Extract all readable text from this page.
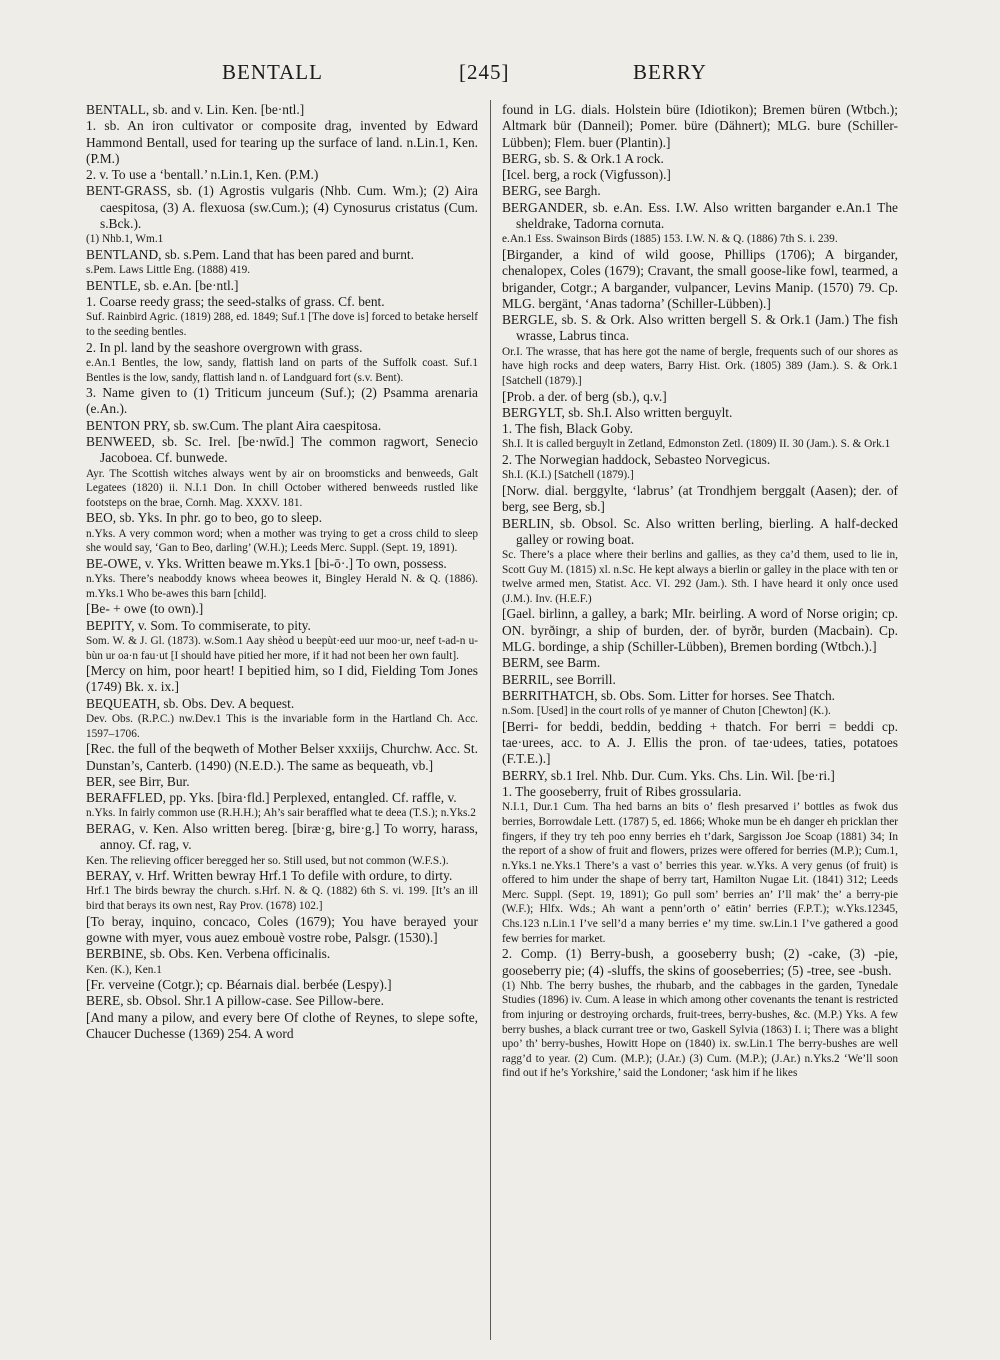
BENTALL	[245]	BERRY

BENTALL, sb. and v. Lin. Ken. [be·ntl.]

1. sb. An iron cultivator or composite drag, invented by Edward Hammond Bentall, used for tearing up the surface of land. n.Lin.1, Ken. (P.M.)

2. v. To use a ‘bentall.’ n.Lin.1, Ken. (P.M.)

BENT-GRASS, sb. (1) Agrostis vulgaris (Nhb. Cum. Wm.); (2) Aira caespitosa, (3) A. flexuosa (sw.Cum.); (4) Cynosurus cristatus (Cum. s.Bck.).

(1) Nhb.1, Wm.1

BENTLAND, sb. s.Pem. Land that has been pared and burnt.

s.Pem. Laws Little Eng. (1888) 419.

BENTLE, sb. e.An. [be·ntl.]

1. Coarse reedy grass; the seed-stalks of grass. Cf. bent.

Suf. Rainbird Agric. (1819) 288, ed. 1849; Suf.1 [The dove is] forced to betake herself to the seeding bentles.

2. In pl. land by the seashore overgrown with grass.

e.An.1 Bentles, the low, sandy, flattish land on parts of the Suffolk coast. Suf.1 Bentles is the low, sandy, flattish land n. of Landguard fort (s.v. Bent).

3. Name given to (1) Triticum junceum (Suf.); (2) Psamma arenaria (e.An.).

BENTON PRY, sb. sw.Cum. The plant Aira caespitosa.

BENWEED, sb. Sc. Irel. [be·nwīd.] The common ragwort, Senecio Jacoboea. Cf. bunwede.

Ayr. The Scottish witches always went by air on broomsticks and benweeds, Galt Legatees (1820) ii. N.I.1 Don. In chill October withered benweeds rustled like footsteps on the brae, Cornh. Mag. XXXV. 181.

BEO, sb. Yks. In phr. go to beo, go to sleep.

n.Yks. A very common word; when a mother was trying to get a cross child to sleep she would say, ‘Gan to Beo, darling’ (W.H.); Leeds Merc. Suppl. (Sept. 19, 1891).

BE-OWE, v. Yks. Written beawe m.Yks.1 [bi-ō·.] To own, possess.

n.Yks. There’s neaboddy knows wheea beowes it, Bingley Herald N. & Q. (1886). m.Yks.1 Who be-awes this barn [child].

[Be- + owe (to own).]

BEPITY, v. Som. To commiserate, to pity.

Som. W. & J. Gl. (1873). w.Som.1 Aay shèod u beepùt·eed uur moo·ur, neef t-ad-n u-bùn ur oa·n fau·ut [I should have pitied her more, if it had not been her own fault].

[Mercy on him, poor heart! I bepitied him, so I did, Fielding Tom Jones (1749) Bk. x. ix.]

BEQUEATH, sb. Obs. Dev. A bequest.

Dev. Obs. (R.P.C.) nw.Dev.1 This is the invariable form in the Hartland Ch. Acc. 1597–1706.

[Rec. the full of the beqweth of Mother Belser xxxiijs, Churchw. Acc. St. Dunstan’s, Canterb. (1490) (N.E.D.). The same as bequeath, vb.]

BER, see Birr, Bur.

BERAFFLED, pp. Yks. [bira·fld.] Perplexed, entangled. Cf. raffle, v.

n.Yks. In fairly common use (R.H.H.); Ah’s sair beraffled what te deea (T.S.); n.Yks.2

BERAG, v. Ken. Also written bereg. [biræ·g, bire·g.] To worry, harass, annoy. Cf. rag, v.

Ken. The relieving officer beregged her so. Still used, but not common (W.F.S.).

BERAY, v. Hrf. Written bewray Hrf.1 To defile with ordure, to dirty.

Hrf.1 The birds bewray the church. s.Hrf. N. & Q. (1882) 6th S. vi. 199. [It’s an ill bird that berays its own nest, Ray Prov. (1678) 102.]

[To beray, inquino, concaco, Coles (1679); You have berayed your gowne with myer, vous auez embouè vostre robe, Palsgr. (1530).]

BERBINE, sb. Obs. Ken. Verbena officinalis.

Ken. (K.), Ken.1

[Fr. verveine (Cotgr.); cp. Béarnais dial. berbée (Lespy).]

BERE, sb. Obsol. Shr.1 A pillow-case. See Pillow-bere.

[And many a pilow, and every bere Of clothe of Reynes, to slepe softe, Chaucer Duchesse (1369) 254. A word

found in LG. dials. Holstein büre (Idiotikon); Bremen büren (Wtbch.); Altmark bür (Danneil); Pomer. büre (Dähnert); MLG. bure (Schiller-Lübben); Flem. buer (Plantin).]

BERG, sb. S. & Ork.1 A rock.

[Icel. berg, a rock (Vigfusson).]

BERG, see Bargh.

BERGANDER, sb. e.An. Ess. I.W. Also written bargander e.An.1 The sheldrake, Tadorna cornuta.

e.An.1 Ess. Swainson Birds (1885) 153. I.W. N. & Q. (1886) 7th S. i. 239.

[Birgander, a kind of wild goose, Phillips (1706); A birgander, chenalopex, Coles (1679); Cravant, the small goose-like fowl, tearmed, a brigander, Cotgr.; A bargander, vulpancer, Levins Manip. (1570) 79. Cp. MLG. bergänt, ‘Anas tadorna’ (Schiller-Lübben).]

BERGLE, sb. S. & Ork. Also written bergell S. & Ork.1 (Jam.) The fish wrasse, Labrus tinca.

Or.I. The wrasse, that has here got the name of bergle, frequents such of our shores as have high rocks and deep waters, Barry Hist. Ork. (1805) 389 (Jam.). S. & Ork.1 [Satchell (1879).]

[Prob. a der. of berg (sb.), q.v.]

BERGYLT, sb. Sh.I. Also written berguylt.

1. The fish, Black Goby.

Sh.I. It is called berguylt in Zetland, Edmonston Zetl. (1809) II. 30 (Jam.). S. & Ork.1

2. The Norwegian haddock, Sebasteo Norvegicus.

Sh.I. (K.I.) [Satchell (1879).]

[Norw. dial. berggylte, ‘labrus’ (at Trondhjem berggalt (Aasen); der. of berg, see Berg, sb.]

BERLIN, sb. Obsol. Sc. Also written berling, bierling. A half-decked galley or rowing boat.

Sc. There’s a place where their berlins and gallies, as they ca’d them, used to lie in, Scott Guy M. (1815) xl. n.Sc. He kept always a bierlin or galley in the place with ten or twelve armed men, Statist. Acc. VI. 292 (Jam.). Sth. I have heard it only once used (J.M.). Inv. (H.E.F.)

[Gael. birlinn, a galley, a bark; MIr. beirling. A word of Norse origin; cp. ON. byrðingr, a ship of burden, der. of byrðr, burden (Macbain). Cp. MLG. bordinge, a ship (Schiller-Lübben), Bremen bording (Wtbch.).]

BERM, see Barm.

BERRIL, see Borrill.

BERRITHATCH, sb. Obs. Som. Litter for horses. See Thatch.

n.Som. [Used] in the court rolls of ye manner of Chuton [Chewton] (K.).

[Berri- for beddi, beddin, bedding + thatch. For berri = beddi cp. tae·urees, acc. to A. J. Ellis the pron. of tae·udees, taties, potatoes (F.T.E.).]

BERRY, sb.1 Irel. Nhb. Dur. Cum. Yks. Chs. Lin. Wil. [be·ri.]

1. The gooseberry, fruit of Ribes grossularia.

N.I.1, Dur.1 Cum. Tha hed barns an bits o’ flesh presarved i’ bottles as fwok dus berries, Borrowdale Lett. (1787) 5, ed. 1866; Whoke mun be eh danger eh pricklan ther fingers, if they try teh poo enny berries eh t’dark, Sargisson Joe Scoap (1881) 34; In the report of a show of fruit and flowers, prizes were offered for berries (M.P.); Cum.1, n.Yks.1 ne.Yks.1 There’s a vast o’ berries this year. w.Yks. A very genus (of fruit) is offered to him under the shape of berry tart, Hamilton Nugae Lit. (1841) 312; Leeds Merc. Suppl. (Sept. 19, 1891); Go pull som’ berries an’ I’ll mak’ the’ a berry-pie (W.F.); Hlfx. Wds.; Ah want a penn’orth o’ eātin’ berries (F.P.T.); w.Yks.12345, Chs.123 n.Lin.1 I’ve sell’d a many berries e’ my time. sw.Lin.1 I’ve gathered a good few berries for market.

2. Comp. (1) Berry-bush, a gooseberry bush; (2) -cake, (3) -pie, gooseberry pie; (4) -sluffs, the skins of gooseberries; (5) -tree, see -bush.

(1) Nhb. The berry bushes, the rhubarb, and the cabbages in the garden, Tynedale Studies (1896) iv. Cum. A lease in which among other covenants the tenant is restricted from injuring or destroying orchards, fruit-trees, berry-bushes, &c. (M.P.) Yks. A few berry bushes, a black currant tree or two, Gaskell Sylvia (1863) I. i; There was a blight upo’ th’ berry-bushes, Howitt Hope on (1840) ix. sw.Lin.1 The berry-bushes are well ragg’d to year. (2) Cum. (M.P.); (J.Ar.) (3) Cum. (M.P.); (J.Ar.) n.Yks.2 ‘We’ll soon find out if he’s Yorkshire,’ said the Londoner; ‘ask him if he likes
